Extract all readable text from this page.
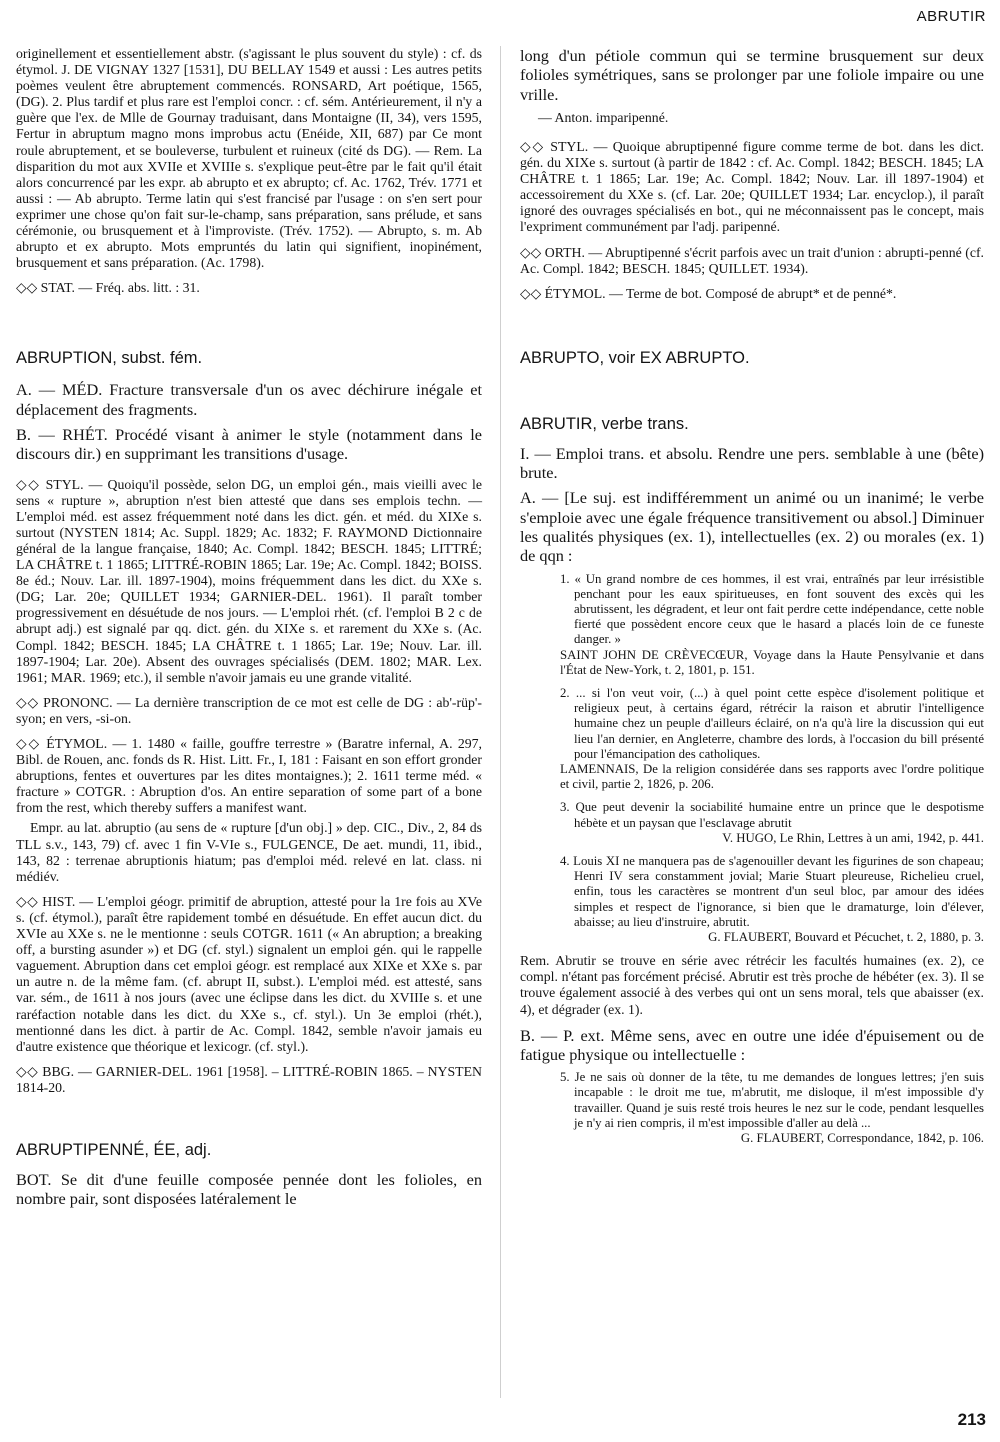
ABRUTIR

originellement et essentiellement abstr. (s'agissant le plus souvent du style) : cf. ds étymol. J. DE VIGNAY 1327 [1531], DU BELLAY 1549 et aussi : Les autres petits poèmes veulent être abruptement commencés. RONSARD, Art poétique, 1565, (DG). 2. Plus tardif et plus rare est l'emploi concr. : cf. sém. Antérieurement, il n'y a guère que l'ex. de Mlle de Gournay traduisant, dans Montaigne (II, 34), vers 1595, Fertur in abruptum magno mons improbus actu (Enéide, XII, 687) par Ce mont roule abruptement, et se bouleverse, turbulent et ruineux (cité ds DG). — Rem. La disparition du mot aux XVIIe et XVIIIe s. s'explique peut-être par le fait qu'il était alors concurrencé par les expr. ab abrupto et ex abrupto; cf. Ac. 1762, Trév. 1771 et aussi : — Ab abrupto. Terme latin qui s'est francisé par l'usage : on s'en sert pour exprimer une chose qu'on fait sur-le-champ, sans préparation, sans prélude, et sans cérémonie, ou brusquement et à l'improviste. (Trév. 1752). — Abrupto, s. m. Ab abrupto et ex abrupto. Mots empruntés du latin qui signifient, inopinément, brusquement et sans préparation. (Ac. 1798).

◇◇ STAT. — Fréq. abs. litt. : 31.

ABRUPTION, subst. fém.

A. — MÉD. Fracture transversale d'un os avec déchirure inégale et déplacement des fragments.

B. — RHÉT. Procédé visant à animer le style (notamment dans le discours dir.) en supprimant les transitions d'usage.

◇◇ STYL. — Quoiqu'il possède, selon DG, un emploi gén., mais vieilli avec le sens « rupture », abruption n'est bien attesté que dans ses emplois techn. — L'emploi méd. est assez fréquemment noté dans les dict. gén. et méd. du XIXe s. surtout (NYSTEN 1814; Ac. Suppl. 1829; Ac. 1832; F. RAYMOND Dictionnaire général de la langue française, 1840; Ac. Compl. 1842; BESCH. 1845; LITTRÉ; LA CHÂTRE t. 1 1865; LITTRÉ-ROBIN 1865; Lar. 19e; Ac. Compl. 1842; BOISS. 8e éd.; Nouv. Lar. ill. 1897-1904), moins fréquemment dans les dict. du XXe s. (DG; Lar. 20e; QUILLET 1934; GARNIER-DEL. 1961). Il paraît tomber progressivement en désuétude de nos jours. — L'emploi rhét. (cf. l'emploi B 2 c de abrupt adj.) est signalé par qq. dict. gén. du XIXe s. et rarement du XXe s. (Ac. Compl. 1842; BESCH. 1845; LA CHÂTRE t. 1 1865; Lar. 19e; Nouv. Lar. ill. 1897-1904; Lar. 20e). Absent des ouvrages spécialisés (DEM. 1802; MAR. Lex. 1961; MAR. 1969; etc.), il semble n'avoir jamais eu une grande vitalité.

◇◇ PRONONC. — La dernière transcription de ce mot est celle de DG : ab'-rüp'-syon; en vers, -si-on.

◇◇ ÉTYMOL. — 1. 1480 « faille, gouffre terrestre » (Baratre infernal, A. 297, Bibl. de Rouen, anc. fonds ds R. Hist. Litt. Fr., I, 181 : Faisant en son effort gronder abruptions, fentes et ouvertures par les dites montaignes.); 2. 1611 terme méd. « fracture » COTGR. : Abruption d'os. An entire separation of some part of a bone from the rest, which thereby suffers a manifest want.

Empr. au lat. abruptio (au sens de « rupture [d'un obj.] » dep. CIC., Div., 2, 84 ds TLL s.v., 143, 79) cf. avec 1 fin V-VIe s., FULGENCE, De aet. mundi, 11, ibid., 143, 82 : terrenae abruptionis hiatum; pas d'emploi méd. relevé en lat. class. ni médiév.

◇◇ HIST. — L'emploi géogr. primitif de abruption, attesté pour la 1re fois au XVe s. (cf. étymol.), paraît être rapidement tombé en désuétude. En effet aucun dict. du XVIe au XXe s. ne le mentionne : seuls COTGR. 1611 (« An abruption; a breaking off, a bursting asunder ») et DG (cf. styl.) signalent un emploi gén. qui le rappelle vaguement. Abruption dans cet emploi géogr. est remplacé aux XIXe et XXe s. par un autre n. de la même fam. (cf. abrupt II, subst.). L'emploi méd. est attesté, sans var. sém., de 1611 à nos jours (avec une éclipse dans les dict. du XVIIIe s. et une raréfaction notable dans les dict. du XXe s., cf. styl.). Un 3e emploi (rhét.), mentionné dans les dict. à partir de Ac. Compl. 1842, semble n'avoir jamais eu d'autre existence que théorique et lexicogr. (cf. styl.).

◇◇ BBG. — GARNIER-DEL. 1961 [1958]. – LITTRÉ-ROBIN 1865. – NYSTEN 1814-20.

ABRUPTIPENNÉ, ÉE, adj.

BOT. Se dit d'une feuille composée pennée dont les folioles, en nombre pair, sont disposées latéralement le

long d'un pétiole commun qui se termine brusquement sur deux folioles symétriques, sans se prolonger par une foliole impaire ou une vrille.

— Anton. imparipenné.

◇◇ STYL. — Quoique abruptipenné figure comme terme de bot. dans les dict. gén. du XIXe s. surtout (à partir de 1842 : cf. Ac. Compl. 1842; BESCH. 1845; LA CHÂTRE t. 1 1865; Lar. 19e; Ac. Compl. 1842; Nouv. Lar. ill 1897-1904) et accessoirement du XXe s. (cf. Lar. 20e; QUILLET 1934; Lar. encyclop.), il paraît ignoré des ouvrages spécialisés en bot., qui ne méconnaissent pas le concept, mais l'expriment communément par l'adj. paripenné.

◇◇ ORTH. — Abruptipenné s'écrit parfois avec un trait d'union : abrupti-penné (cf. Ac. Compl. 1842; BESCH. 1845; QUILLET. 1934).

◇◇ ÉTYMOL. — Terme de bot. Composé de abrupt* et de penné*.

ABRUPTO, voir EX ABRUPTO.

ABRUTIR, verbe trans.

I. — Emploi trans. et absolu. Rendre une pers. semblable à une (bête) brute.

A. — [Le suj. est indifféremment un animé ou un inanimé; le verbe s'emploie avec une égale fréquence transitivement ou absol.] Diminuer les qualités physiques (ex. 1), intellectuelles (ex. 2) ou morales (ex. 1) de qqn :

1. « Un grand nombre de ces hommes, il est vrai, entraînés par leur irrésistible penchant pour les eaux spiritueuses, en font souvent des excès qui les abrutissent, les dégradent, et leur ont fait perdre cette indépendance, cette noble fierté que possèdent encore ceux que le hasard a placés loin de ce funeste danger. »

SAINT JOHN DE CRÈVECŒUR, Voyage dans la Haute Pensylvanie et dans l'État de New-York, t. 2, 1801, p. 151.

2. ... si l'on veut voir, (...) à quel point cette espèce d'isolement politique et religieux peut, à certains égard, rétrécir la raison et abrutir l'intelligence humaine chez un peuple d'ailleurs éclairé, on n'a qu'à lire la discussion qui eut lieu l'an dernier, en Angleterre, chambre des lords, à l'occasion du bill présenté pour l'émancipation des catholiques.

LAMENNAIS, De la religion considérée dans ses rapports avec l'ordre politique et civil, partie 2, 1826, p. 206.

3. Que peut devenir la sociabilité humaine entre un prince que le despotisme hébète et un paysan que l'esclavage abrutit

V. HUGO, Le Rhin, Lettres à un ami, 1942, p. 441.

4. Louis XI ne manquera pas de s'agenouiller devant les figurines de son chapeau; Henri IV sera constamment jovial; Marie Stuart pleureuse, Richelieu cruel, enfin, tous les caractères se montrent d'un seul bloc, par amour des idées simples et respect de l'ignorance, si bien que le dramaturge, loin d'élever, abaisse; au lieu d'instruire, abrutit.

G. FLAUBERT, Bouvard et Pécuchet, t. 2, 1880, p. 3.

Rem. Abrutir se trouve en série avec rétrécir les facultés humaines (ex. 2), ce compl. n'étant pas forcément précisé. Abrutir est très proche de hébéter (ex. 3). Il se trouve également associé à des verbes qui ont un sens moral, tels que abaisser (ex. 4), et dégrader (ex. 1).

B. — P. ext. Même sens, avec en outre une idée d'épuisement ou de fatigue physique ou intellectuelle :

5. Je ne sais où donner de la tête, tu me demandes de longues lettres; j'en suis incapable : le droit me tue, m'abrutit, me disloque, il m'est impossible d'y travailler. Quand je suis resté trois heures le nez sur le code, pendant lesquelles je n'y ai rien compris, il m'est impossible d'aller au delà ...

G. FLAUBERT, Correspondance, 1842, p. 106.

213
